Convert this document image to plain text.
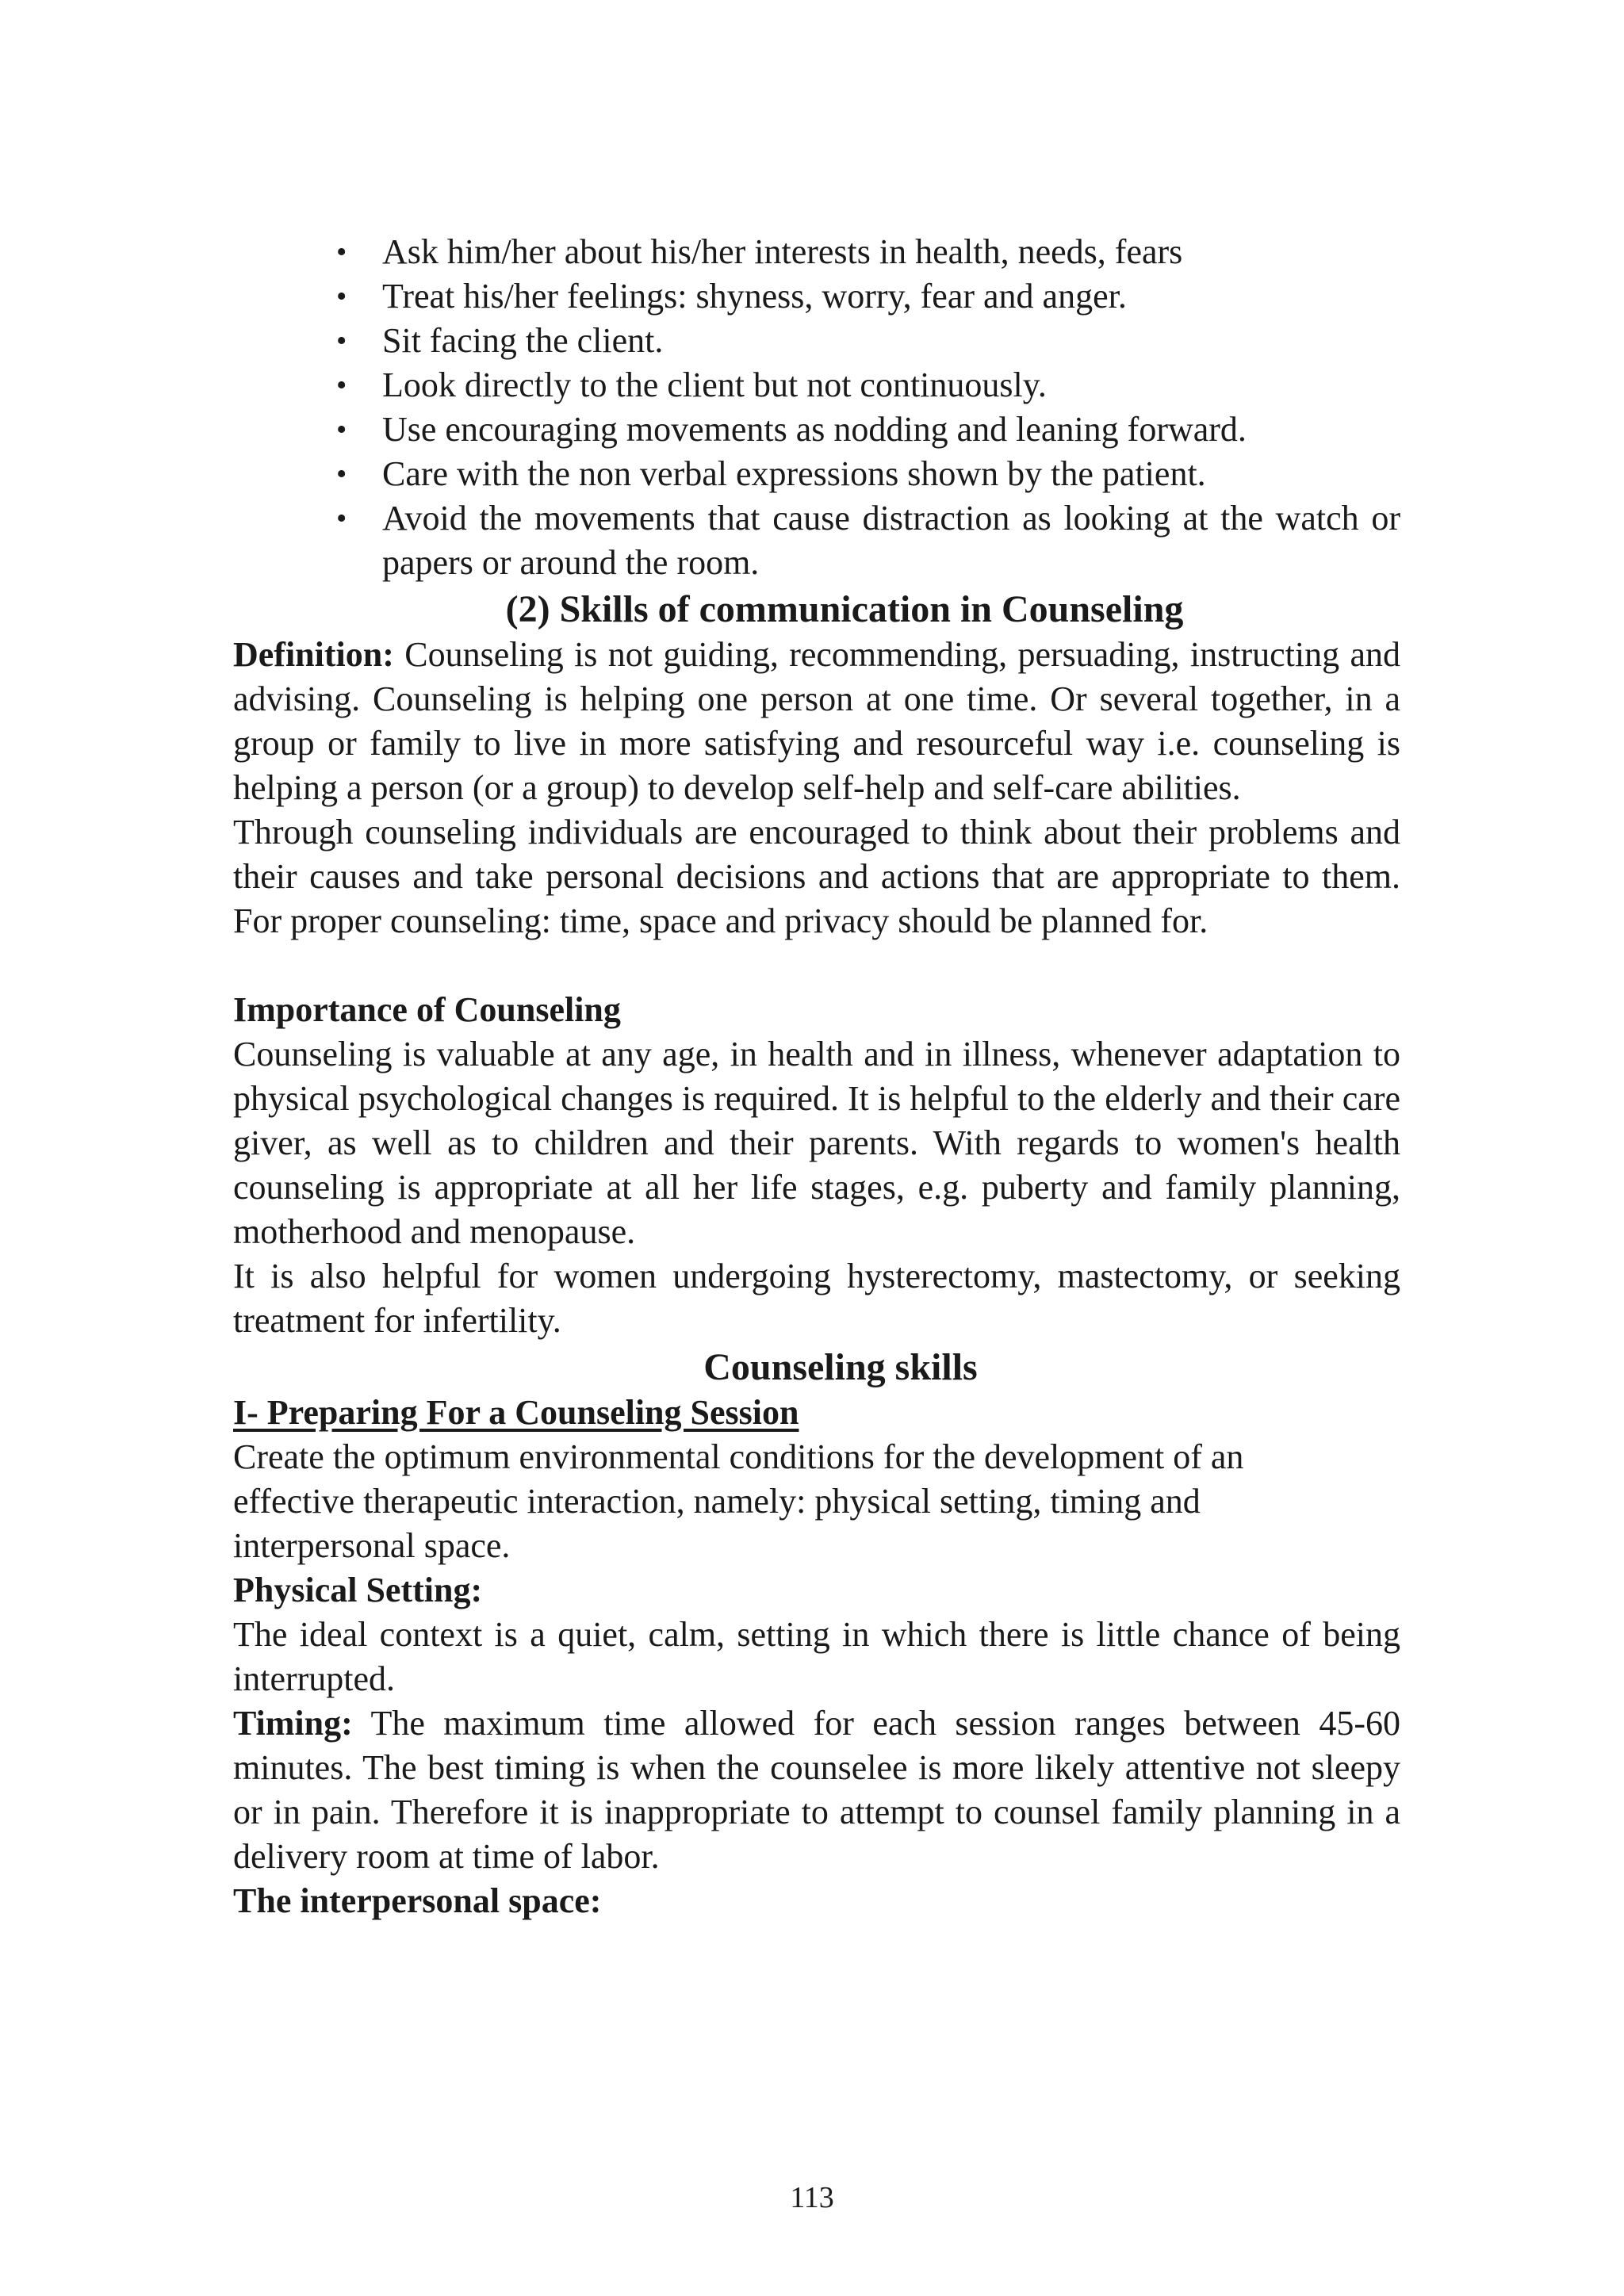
• Ask him/her about his/her interests in health, needs, fears
• Treat his/her feelings: shyness, worry, fear and anger.
• Sit facing the client.
• Look directly to the client but not continuously.
• Use encouraging movements as nodding and leaning forward.
• Care with the non verbal expressions shown by the patient.
• Avoid the movements that cause distraction as looking at the watch or papers or around the room.
(2) Skills of communication in Counseling

Definition: Counseling is not guiding, recommending, persuading, instructing and advising. Counseling is helping one person at one time. Or several together, in a group or family to live in more satisfying and resourceful way i.e. counseling is helping a person (or a group) to develop self-help and self-care abilities.

Through counseling individuals are encouraged to think about their problems and their causes and take personal decisions and actions that are appropriate to them. For proper counseling: time, space and privacy should be planned for.

Importance of Counseling

Counseling is valuable at any age, in health and in illness, whenever adaptation to physical psychological changes is required. It is helpful to the elderly and their care giver, as well as to children and their parents. With regards to women's health counseling is appropriate at all her life stages, e.g. puberty and family planning, motherhood and menopause.

It is also helpful for women undergoing hysterectomy, mastectomy, or seeking treatment for infertility.

Counseling skills
I- Preparing For a Counseling Session

Create the optimum environmental conditions for the development of an effective therapeutic interaction, namely: physical setting, timing and interpersonal space.

Physical Setting:

The ideal context is a quiet, calm, setting in which there is little chance of being interrupted.

Timing: The maximum time allowed for each session ranges between 45-60 minutes. The best timing is when the counselee is more likely attentive not sleepy or in pain. Therefore it is inappropriate to attempt to counsel family planning in a delivery room at time of labor.

The interpersonal space:
113
